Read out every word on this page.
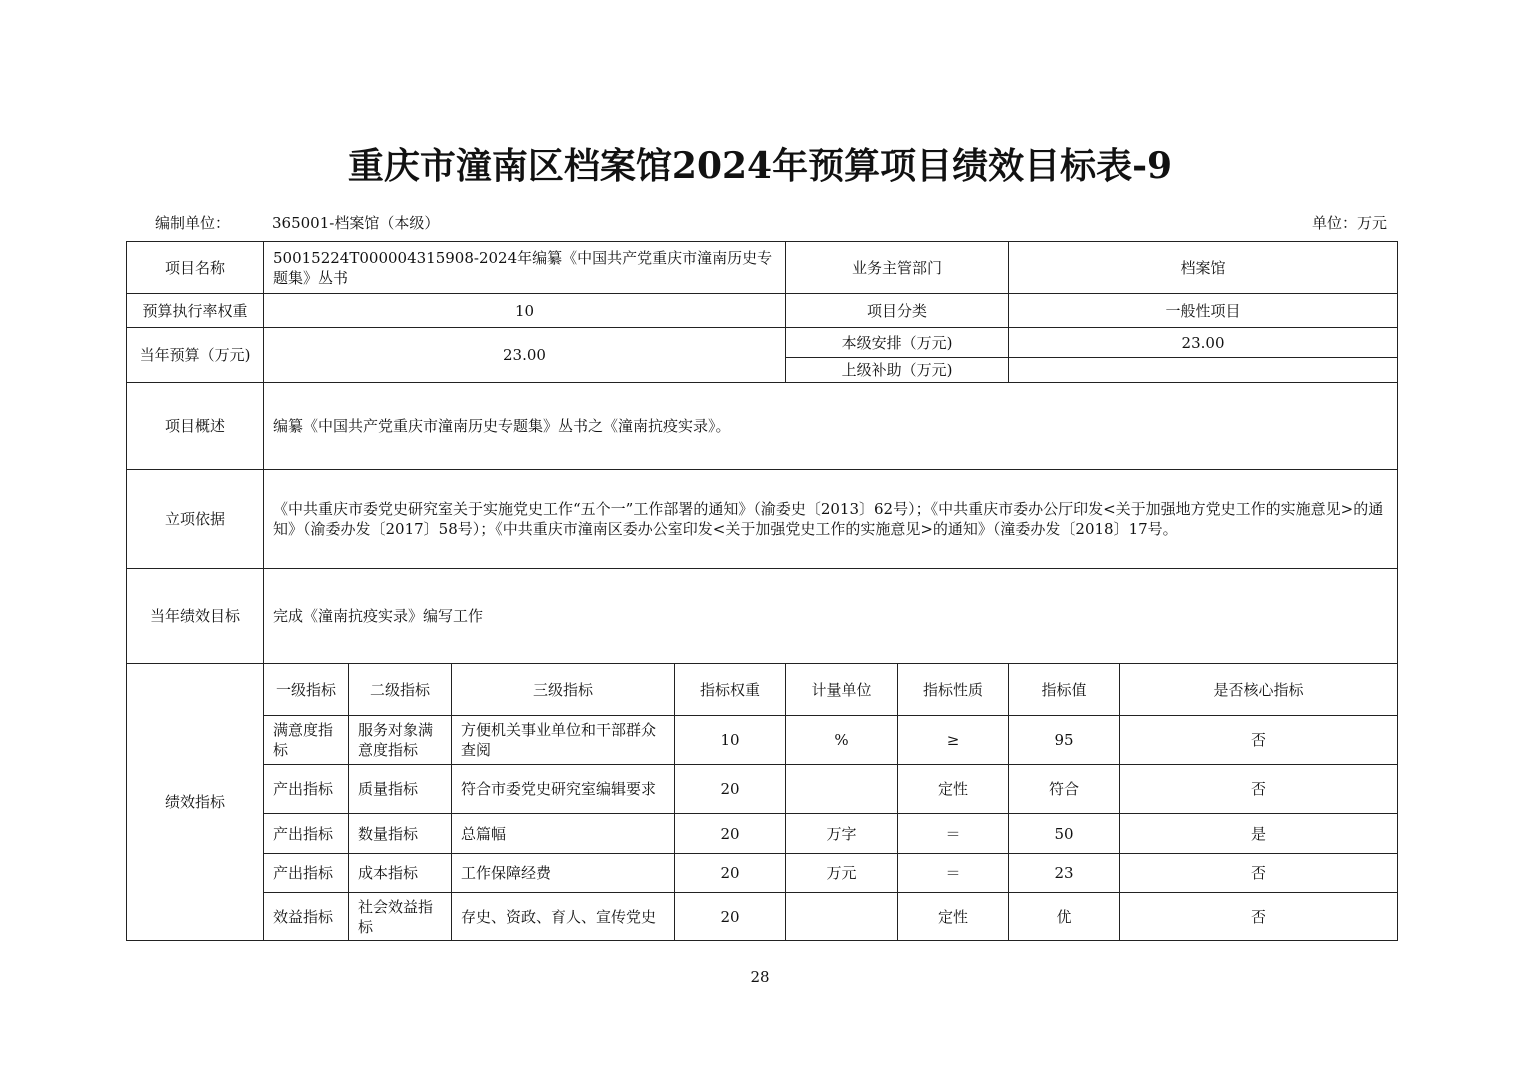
重庆市潼南区档案馆2024年预算项目绩效目标表-9
编制单位：	365001-档案馆（本级）	单位：万元
项目名称	50015224T000004315908-2024年编纂《中国共产党重庆市潼南历史专题集》丛书				业务主管部门		档案馆	
预算执行率权重	10				项目分类		一般性项目	
当年预算（万元)	23.00				本级安排（万元)		23.00	
					上级补助（万元)			
项目概述	编纂《中国共产党重庆市潼南历史专题集》丛书之《潼南抗疫实录》。							
立项依据	《中共重庆市委党史研究室关于实施党史工作“五个一”工作部署的通知》（渝委史〔2013〕62号）；《中共重庆市委办公厅印发<关于加强地方党史工作的实施意见>的通知》（渝委办发〔2017〕58号）；《中共重庆市潼南区委办公室印发<关于加强党史工作的实施意见>的通知》（潼委办发〔2018〕17号。							
当年绩效目标	完成《潼南抗疫实录》编写工作							
绩效指标	一级指标	二级指标	三级指标	指标权重	计量单位	指标性质	指标值	是否核心指标
	满意度指标	服务对象满意度指标	方便机关事业单位和干部群众查阅	10	%	≥	95	否
	产出指标	质量指标	符合市委党史研究室编辑要求	20		定性	符合	否
	产出指标	数量指标	总篇幅	20	万字	＝	50	是
	产出指标	成本指标	工作保障经费	20	万元	＝	23	否
	效益指标	社会效益指标	存史、资政、育人、宣传党史	20		定性	优	否
28
